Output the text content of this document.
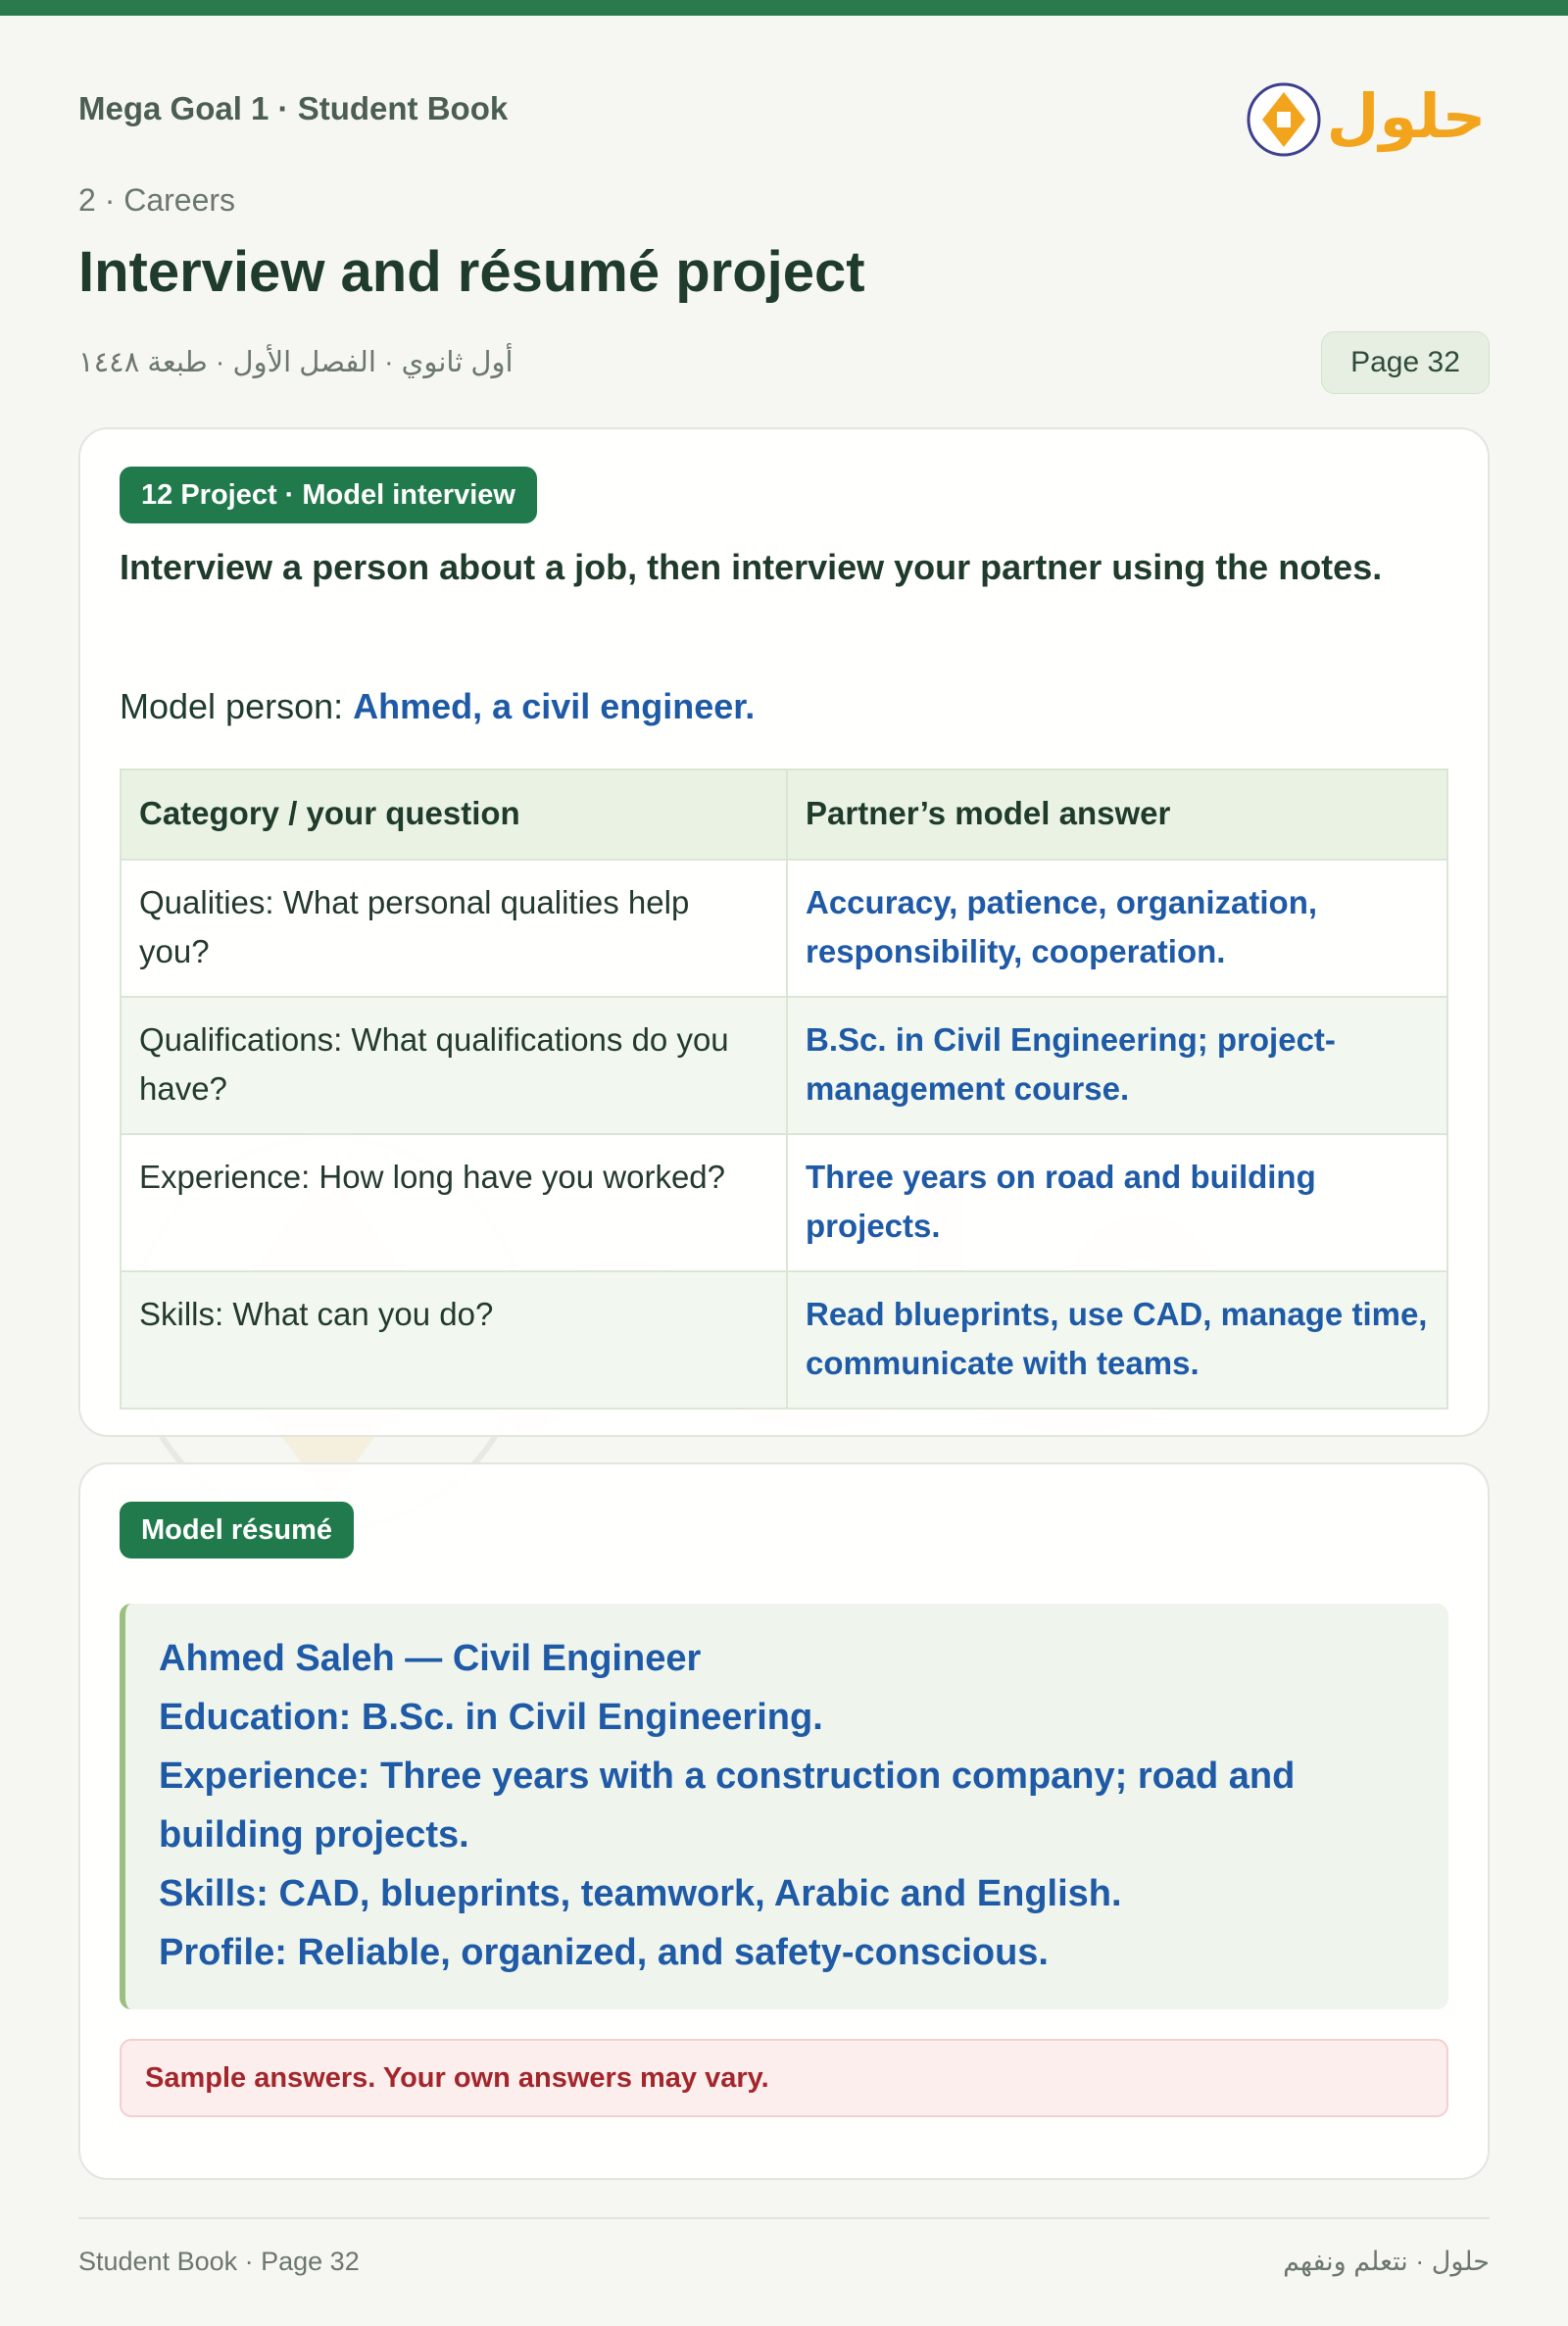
Mega Goal 1 · Student Book	حلول
2 · Careers
Interview and résumé project
أول ثانوي · الفصل الأول · طبعة ١٤٤٨	Page 32
12 Project · Model interview
Interview a person about a job, then interview your partner using the notes.
Model person: Ahmed, a civil engineer.
Category / your question	Partner’s model answer
Qualities: What personal qualities help you?	Accuracy, patience, organization, responsibility, cooperation.
Qualifications: What qualifications do you have?	B.Sc. in Civil Engineering; project-management course.
Experience: How long have you worked?	Three years on road and building projects.
Skills: What can you do?	Read blueprints, use CAD, manage time, communicate with teams.
Model résumé
Ahmed Saleh — Civil Engineer
Education: B.Sc. in Civil Engineering.
Experience: Three years with a construction company; road and building projects.
Skills: CAD, blueprints, teamwork, Arabic and English.
Profile: Reliable, organized, and safety-conscious.
Sample answers. Your own answers may vary.
Student Book · Page 32	حلول · نتعلم ونفهم
